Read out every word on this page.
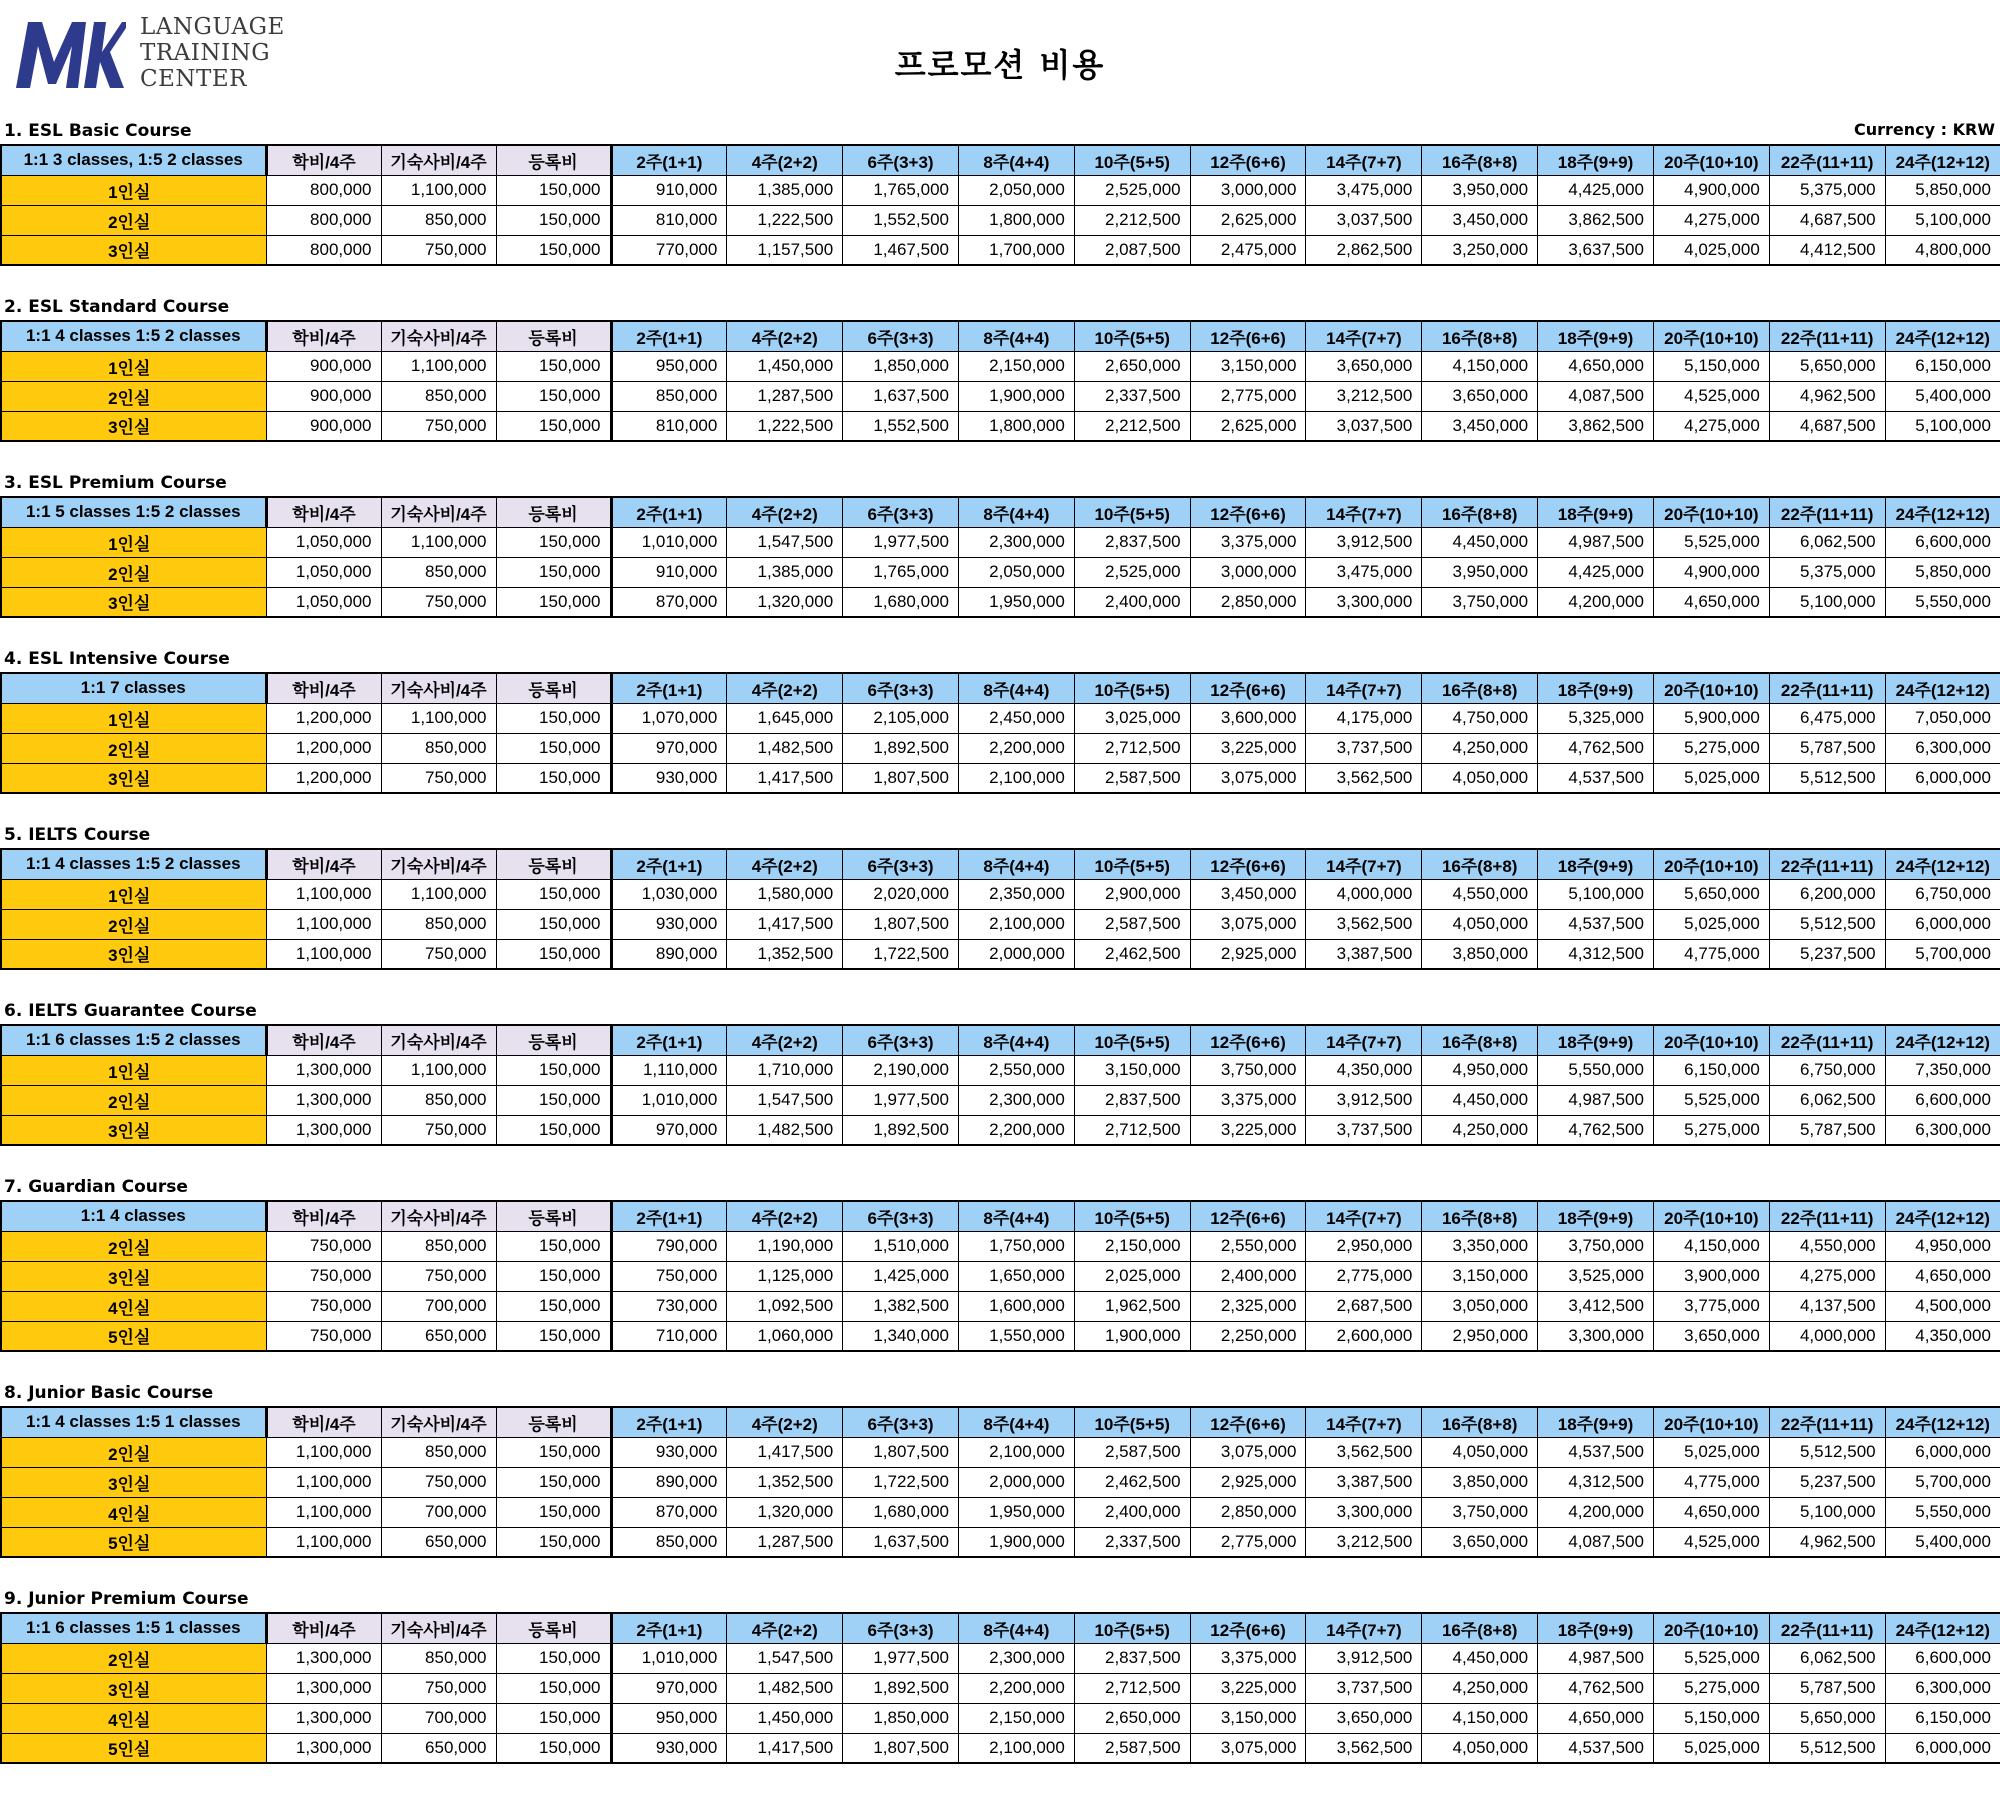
LANGUAGE
TRAINING
CENTER	프로모션 비용
Currency : KRW
1. ESL Basic Course
1:1 3 classes, 1:5 2 classes	학비/4주	기숙사비/4주	등록비	2주(1+1)	4주(2+2)	6주(3+3)	8주(4+4)	10주(5+5)	12주(6+6)	14주(7+7)	16주(8+8)	18주(9+9)	20주(10+10)	22주(11+11)	24주(12+12)
1인실	800,000	1,100,000	150,000	910,000	1,385,000	1,765,000	2,050,000	2,525,000	3,000,000	3,475,000	3,950,000	4,425,000	4,900,000	5,375,000	5,850,000
2인실	800,000	850,000	150,000	810,000	1,222,500	1,552,500	1,800,000	2,212,500	2,625,000	3,037,500	3,450,000	3,862,500	4,275,000	4,687,500	5,100,000
3인실	800,000	750,000	150,000	770,000	1,157,500	1,467,500	1,700,000	2,087,500	2,475,000	2,862,500	3,250,000	3,637,500	4,025,000	4,412,500	4,800,000
2. ESL Standard Course
1:1 4 classes 1:5 2 classes	학비/4주	기숙사비/4주	등록비	2주(1+1)	4주(2+2)	6주(3+3)	8주(4+4)	10주(5+5)	12주(6+6)	14주(7+7)	16주(8+8)	18주(9+9)	20주(10+10)	22주(11+11)	24주(12+12)
1인실	900,000	1,100,000	150,000	950,000	1,450,000	1,850,000	2,150,000	2,650,000	3,150,000	3,650,000	4,150,000	4,650,000	5,150,000	5,650,000	6,150,000
2인실	900,000	850,000	150,000	850,000	1,287,500	1,637,500	1,900,000	2,337,500	2,775,000	3,212,500	3,650,000	4,087,500	4,525,000	4,962,500	5,400,000
3인실	900,000	750,000	150,000	810,000	1,222,500	1,552,500	1,800,000	2,212,500	2,625,000	3,037,500	3,450,000	3,862,500	4,275,000	4,687,500	5,100,000
3. ESL Premium Course
1:1 5 classes 1:5 2 classes	학비/4주	기숙사비/4주	등록비	2주(1+1)	4주(2+2)	6주(3+3)	8주(4+4)	10주(5+5)	12주(6+6)	14주(7+7)	16주(8+8)	18주(9+9)	20주(10+10)	22주(11+11)	24주(12+12)
1인실	1,050,000	1,100,000	150,000	1,010,000	1,547,500	1,977,500	2,300,000	2,837,500	3,375,000	3,912,500	4,450,000	4,987,500	5,525,000	6,062,500	6,600,000
2인실	1,050,000	850,000	150,000	910,000	1,385,000	1,765,000	2,050,000	2,525,000	3,000,000	3,475,000	3,950,000	4,425,000	4,900,000	5,375,000	5,850,000
3인실	1,050,000	750,000	150,000	870,000	1,320,000	1,680,000	1,950,000	2,400,000	2,850,000	3,300,000	3,750,000	4,200,000	4,650,000	5,100,000	5,550,000
4. ESL Intensive Course
1:1 7 classes	학비/4주	기숙사비/4주	등록비	2주(1+1)	4주(2+2)	6주(3+3)	8주(4+4)	10주(5+5)	12주(6+6)	14주(7+7)	16주(8+8)	18주(9+9)	20주(10+10)	22주(11+11)	24주(12+12)
1인실	1,200,000	1,100,000	150,000	1,070,000	1,645,000	2,105,000	2,450,000	3,025,000	3,600,000	4,175,000	4,750,000	5,325,000	5,900,000	6,475,000	7,050,000
2인실	1,200,000	850,000	150,000	970,000	1,482,500	1,892,500	2,200,000	2,712,500	3,225,000	3,737,500	4,250,000	4,762,500	5,275,000	5,787,500	6,300,000
3인실	1,200,000	750,000	150,000	930,000	1,417,500	1,807,500	2,100,000	2,587,500	3,075,000	3,562,500	4,050,000	4,537,500	5,025,000	5,512,500	6,000,000
5. IELTS Course
1:1 4 classes 1:5 2 classes	학비/4주	기숙사비/4주	등록비	2주(1+1)	4주(2+2)	6주(3+3)	8주(4+4)	10주(5+5)	12주(6+6)	14주(7+7)	16주(8+8)	18주(9+9)	20주(10+10)	22주(11+11)	24주(12+12)
1인실	1,100,000	1,100,000	150,000	1,030,000	1,580,000	2,020,000	2,350,000	2,900,000	3,450,000	4,000,000	4,550,000	5,100,000	5,650,000	6,200,000	6,750,000
2인실	1,100,000	850,000	150,000	930,000	1,417,500	1,807,500	2,100,000	2,587,500	3,075,000	3,562,500	4,050,000	4,537,500	5,025,000	5,512,500	6,000,000
3인실	1,100,000	750,000	150,000	890,000	1,352,500	1,722,500	2,000,000	2,462,500	2,925,000	3,387,500	3,850,000	4,312,500	4,775,000	5,237,500	5,700,000
6. IELTS Guarantee Course
1:1 6 classes 1:5 2 classes	학비/4주	기숙사비/4주	등록비	2주(1+1)	4주(2+2)	6주(3+3)	8주(4+4)	10주(5+5)	12주(6+6)	14주(7+7)	16주(8+8)	18주(9+9)	20주(10+10)	22주(11+11)	24주(12+12)
1인실	1,300,000	1,100,000	150,000	1,110,000	1,710,000	2,190,000	2,550,000	3,150,000	3,750,000	4,350,000	4,950,000	5,550,000	6,150,000	6,750,000	7,350,000
2인실	1,300,000	850,000	150,000	1,010,000	1,547,500	1,977,500	2,300,000	2,837,500	3,375,000	3,912,500	4,450,000	4,987,500	5,525,000	6,062,500	6,600,000
3인실	1,300,000	750,000	150,000	970,000	1,482,500	1,892,500	2,200,000	2,712,500	3,225,000	3,737,500	4,250,000	4,762,500	5,275,000	5,787,500	6,300,000
7. Guardian Course
1:1 4 classes	학비/4주	기숙사비/4주	등록비	2주(1+1)	4주(2+2)	6주(3+3)	8주(4+4)	10주(5+5)	12주(6+6)	14주(7+7)	16주(8+8)	18주(9+9)	20주(10+10)	22주(11+11)	24주(12+12)
2인실	750,000	850,000	150,000	790,000	1,190,000	1,510,000	1,750,000	2,150,000	2,550,000	2,950,000	3,350,000	3,750,000	4,150,000	4,550,000	4,950,000
3인실	750,000	750,000	150,000	750,000	1,125,000	1,425,000	1,650,000	2,025,000	2,400,000	2,775,000	3,150,000	3,525,000	3,900,000	4,275,000	4,650,000
4인실	750,000	700,000	150,000	730,000	1,092,500	1,382,500	1,600,000	1,962,500	2,325,000	2,687,500	3,050,000	3,412,500	3,775,000	4,137,500	4,500,000
5인실	750,000	650,000	150,000	710,000	1,060,000	1,340,000	1,550,000	1,900,000	2,250,000	2,600,000	2,950,000	3,300,000	3,650,000	4,000,000	4,350,000
8. Junior Basic Course
1:1 4 classes 1:5 1 classes	학비/4주	기숙사비/4주	등록비	2주(1+1)	4주(2+2)	6주(3+3)	8주(4+4)	10주(5+5)	12주(6+6)	14주(7+7)	16주(8+8)	18주(9+9)	20주(10+10)	22주(11+11)	24주(12+12)
2인실	1,100,000	850,000	150,000	930,000	1,417,500	1,807,500	2,100,000	2,587,500	3,075,000	3,562,500	4,050,000	4,537,500	5,025,000	5,512,500	6,000,000
3인실	1,100,000	750,000	150,000	890,000	1,352,500	1,722,500	2,000,000	2,462,500	2,925,000	3,387,500	3,850,000	4,312,500	4,775,000	5,237,500	5,700,000
4인실	1,100,000	700,000	150,000	870,000	1,320,000	1,680,000	1,950,000	2,400,000	2,850,000	3,300,000	3,750,000	4,200,000	4,650,000	5,100,000	5,550,000
5인실	1,100,000	650,000	150,000	850,000	1,287,500	1,637,500	1,900,000	2,337,500	2,775,000	3,212,500	3,650,000	4,087,500	4,525,000	4,962,500	5,400,000
9. Junior Premium Course
1:1 6 classes 1:5 1 classes	학비/4주	기숙사비/4주	등록비	2주(1+1)	4주(2+2)	6주(3+3)	8주(4+4)	10주(5+5)	12주(6+6)	14주(7+7)	16주(8+8)	18주(9+9)	20주(10+10)	22주(11+11)	24주(12+12)
2인실	1,300,000	850,000	150,000	1,010,000	1,547,500	1,977,500	2,300,000	2,837,500	3,375,000	3,912,500	4,450,000	4,987,500	5,525,000	6,062,500	6,600,000
3인실	1,300,000	750,000	150,000	970,000	1,482,500	1,892,500	2,200,000	2,712,500	3,225,000	3,737,500	4,250,000	4,762,500	5,275,000	5,787,500	6,300,000
4인실	1,300,000	700,000	150,000	950,000	1,450,000	1,850,000	2,150,000	2,650,000	3,150,000	3,650,000	4,150,000	4,650,000	5,150,000	5,650,000	6,150,000
5인실	1,300,000	650,000	150,000	930,000	1,417,500	1,807,500	2,100,000	2,587,500	3,075,000	3,562,500	4,050,000	4,537,500	5,025,000	5,512,500	6,000,000
